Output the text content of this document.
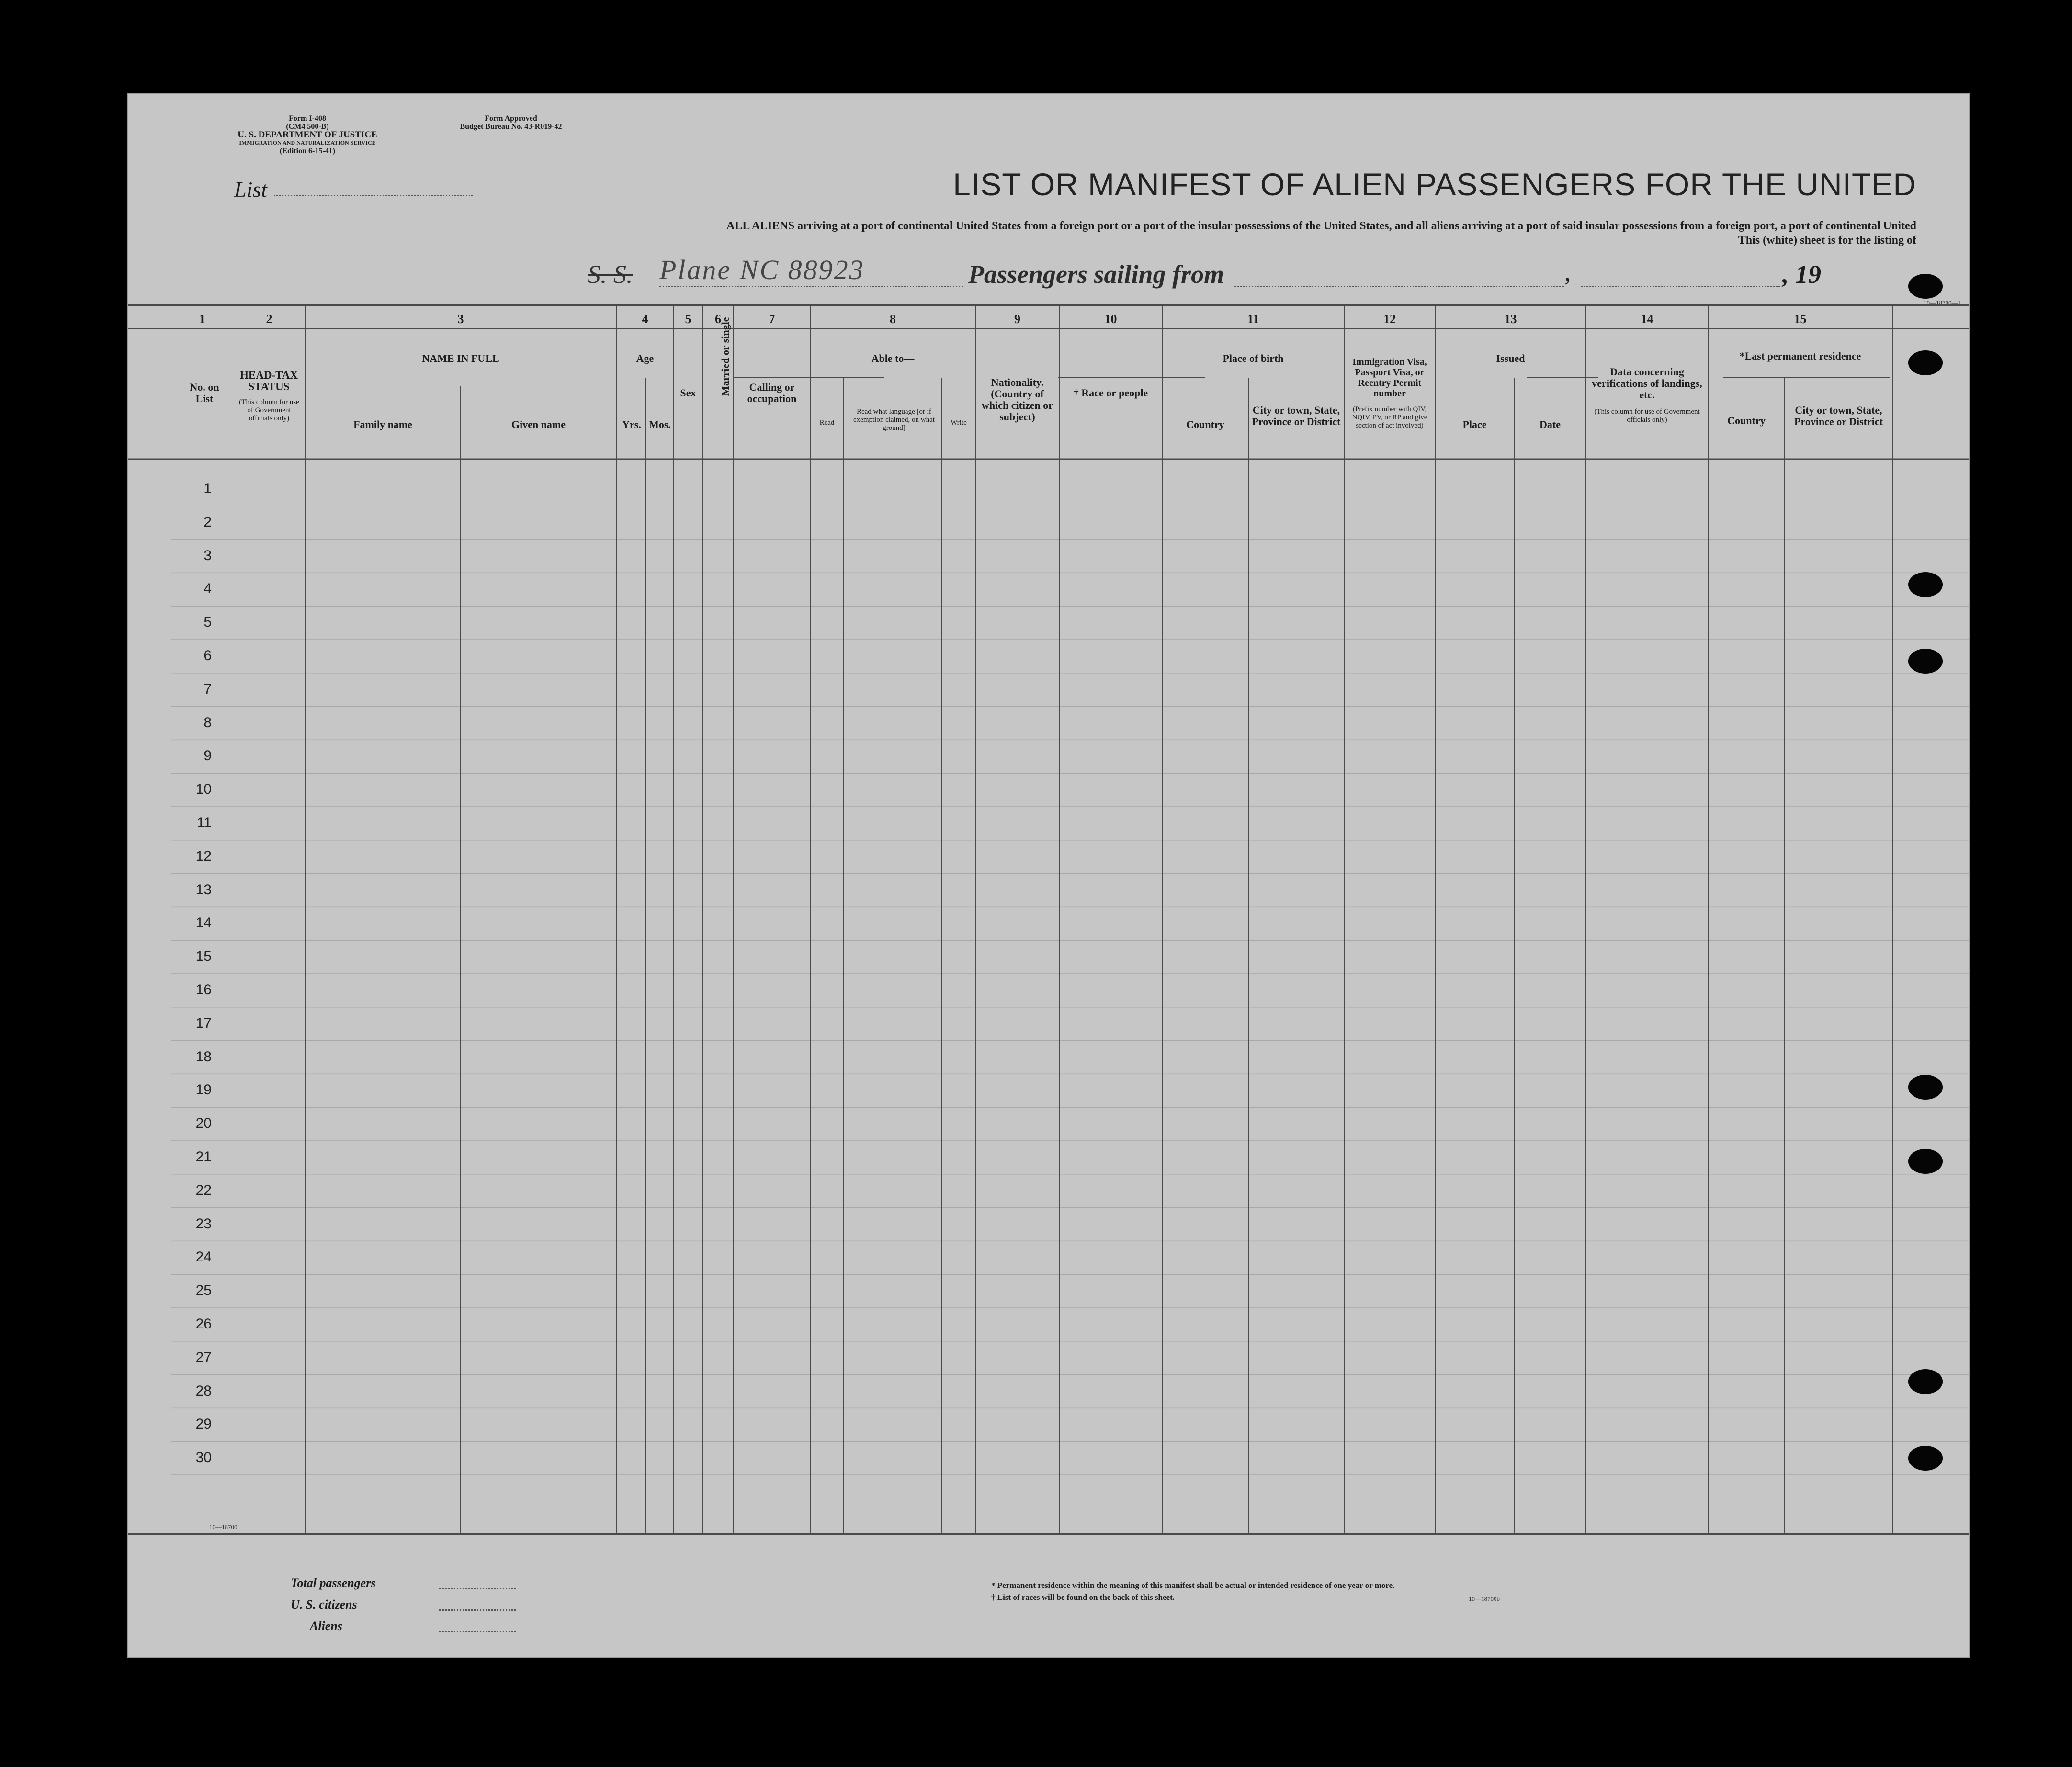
Form I-408
(CM4 500-B)
U. S. DEPARTMENT OF JUSTICE
IMMIGRATION AND NATURALIZATION SERVICE
(Edition 6-15-41)
Form Approved
Budget Bureau No. 43-R019-42
List	LIST OR MANIFEST OF ALIEN PASSENGERS FOR THE UNITED
ALL ALIENS arriving at a port of continental United States from a foreign port or a port of the insular possessions of the United States, and all aliens arriving at a port of said insular possessions from a foreign port, a port of continental United
This (white) sheet is for the listing of
S. S. Plane NC 88923	Passengers sailing from	,	, 19
10—18700—1
1	2	3	4	5	6	7	8	9	10	11	12	13	14	15
No. on List
HEAD-TAX STATUS
(This column for use of Government officials only)
NAME IN FULL
Family name	Given name
Age
Yrs. Mos.
Sex	Married or single	Calling or occupation
Able to—
Read
Read what language [or if exemption claimed, on what ground]
Write
Nationality. (Country of which citizen or subject)
† Race or people
Place of birth
Country
City or town, State, Province or District
Immigration Visa, Passport Visa, or Reentry Permit number
(Prefix number with QIV, NQIV, PV, or RP and give section of act involved)
Issued
Place	Date
Data concerning verifications of landings, etc.
(This column for use of Government officials only)
*Last permanent residence
Country
City or town, State, Province or District
1
2
3
4
5
6
7
8
9
10
11
12
13
14
15
16
17
18
19
20
21
22
23
24
25
26
27
28
29
30
10—18700
Total passengers
U. S. citizens
Aliens
* Permanent residence within the meaning of this manifest shall be actual or intended residence of one year or more.
† List of races will be found on the back of this sheet.	10—18700b
